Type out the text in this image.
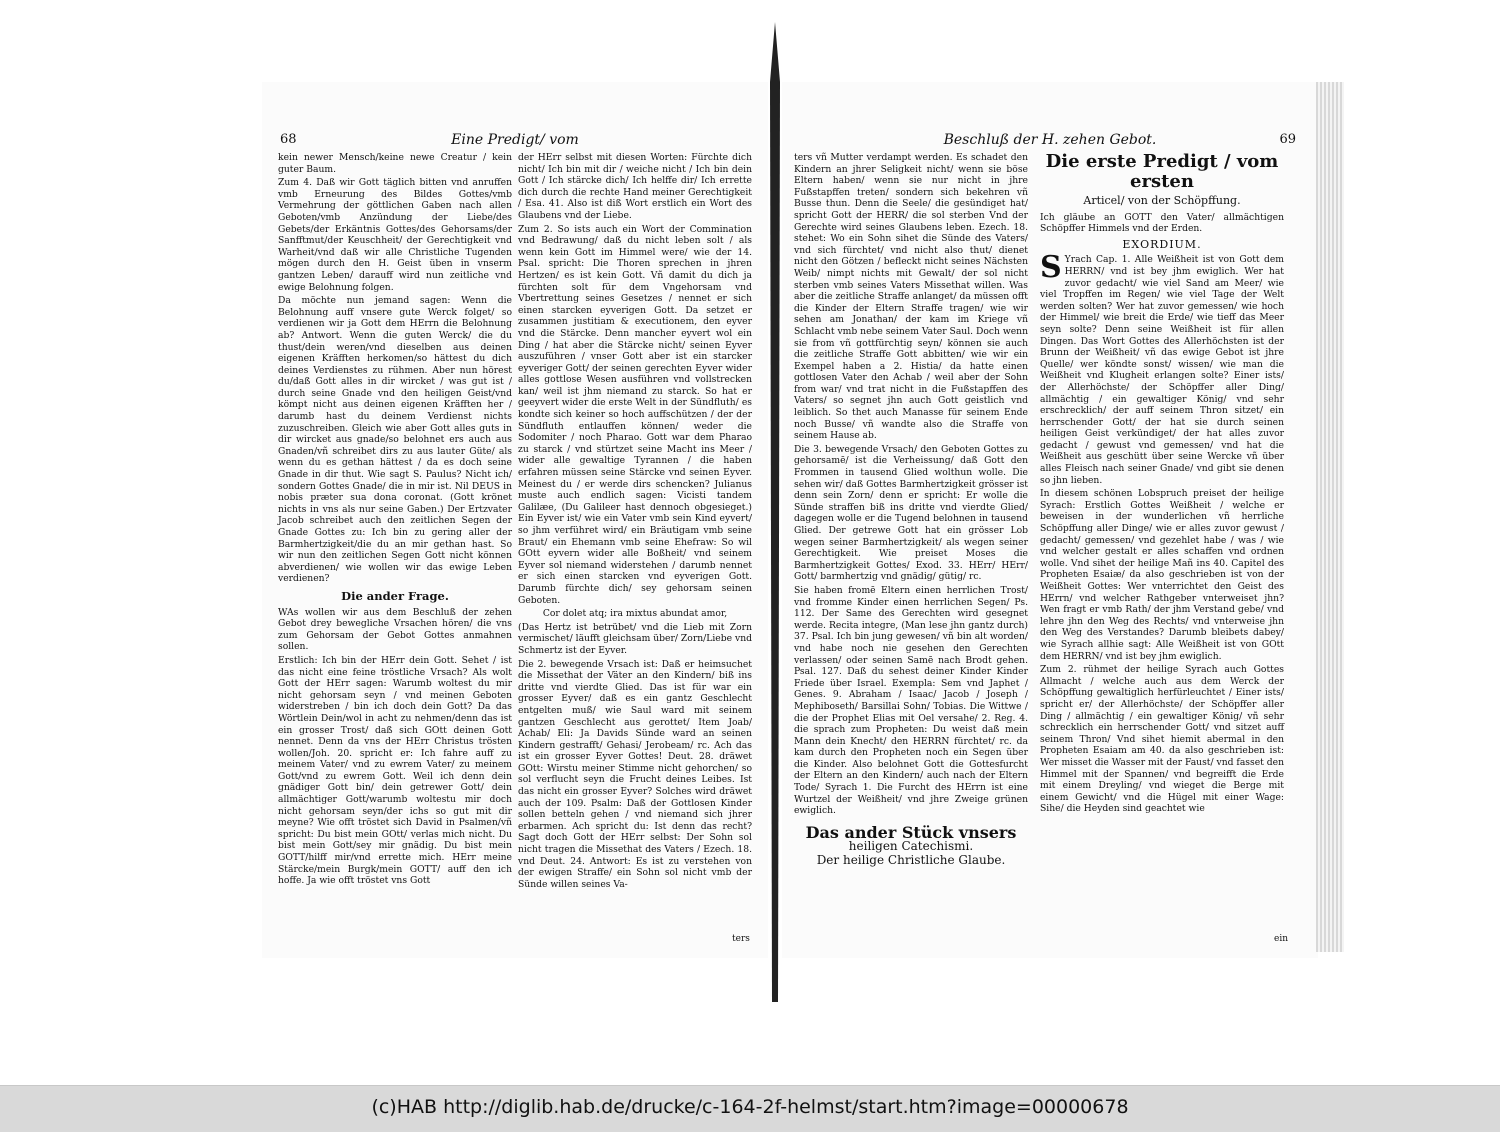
68	Eine Predigt/ vom

kein newer Mensch/keine newe Creatur / kein guter Baum.

Zum 4. Daß wir Gott täglich bitten vnd anruffen vmb Erneurung des Bildes Gottes/vmb Vermehrung der göttlichen Gaben nach allen Geboten/vmb Anzündung der Liebe/des Gebets/der Erkäntnis Gottes/des Gehorsams/der Sanfftmut/der Keuschheit/ der Gerechtigkeit vnd Warheit/vnd daß wir alle Christliche Tugenden mögen durch den H. Geist üben in vnserm gantzen Leben/ darauff wird nun zeitliche vnd ewige Belohnung folgen.

Da möchte nun jemand sagen: Wenn die Belohnung auff vnsere gute Werck folget/ so verdienen wir ja Gott dem HErrn die Belohnung ab? Antwort. Wenn die guten Werck/ die du thust/dein weren/vnd dieselben aus deinen eigenen Kräfften herkomen/so hättest du dich deines Verdienstes zu rühmen. Aber nun hörest du/daß Gott alles in dir wircket / was gut ist / durch seine Gnade vnd den heiligen Geist/vnd kömpt nicht aus deinen eigenen Kräfften her / darumb hast du deinem Verdienst nichts zuzuschreiben. Gleich wie aber Gott alles guts in dir wircket aus gnade/so belohnet ers auch aus Gnaden/vñ schreibet dirs zu aus lauter Güte/ als wenn du es gethan hättest / da es doch seine Gnade in dir thut. Wie sagt S. Paulus? Nicht ich/ sondern Gottes Gnade/ die in mir ist. Nil DEUS in nobis præter sua dona coronat. (Gott krönet nichts in vns als nur seine Gaben.) Der Ertzvater Jacob schreibet auch den zeitlichen Segen der Gnade Gottes zu: Ich bin zu gering aller der Barmhertzigkeit/die du an mir gethan hast. So wir nun den zeitlichen Segen Gott nicht können abverdienen/ wie wollen wir das ewige Leben verdienen?

Die ander Frage.

WAs wollen wir aus dem Beschluß der zehen Gebot drey bewegliche Vrsachen hören/ die vns zum Gehorsam der Gebot Gottes anmahnen sollen.

Erstlich: Ich bin der HErr dein Gott. Sehet / ist das nicht eine feine tröstliche Vrsach? Als wolt Gott der HErr sagen: Warumb woltest du mir nicht gehorsam seyn / vnd meinen Geboten widerstreben / bin ich doch dein Gott? Da das Wörtlein Dein/wol in acht zu nehmen/denn das ist ein grosser Trost/ daß sich GOtt deinen Gott nennet. Denn da vns der HErr Christus trösten wollen/Joh. 20. spricht er: Ich fahre auff zu meinem Vater/ vnd zu ewrem Vater/ zu meinem Gott/vnd zu ewrem Gott. Weil ich denn dein gnädiger Gott bin/ dein getrewer Gott/ dein allmächtiger Gott/warumb woltestu mir doch nicht gehorsam seyn/der ichs so gut mit dir meyne? Wie offt tröstet sich David in Psalmen/vñ spricht: Du bist mein GOtt/ verlas mich nicht. Du bist mein Gott/sey mir gnädig. Du bist mein GOTT/hilff mir/vnd errette mich. HErr meine Stärcke/mein Burgk/mein GOTT/ auff den ich hoffe. Ja wie offt tröstet vns Gott

der HErr selbst mit diesen Worten: Fürchte dich nicht/ Ich bin mit dir / weiche nicht / Ich bin dein Gott / Ich stärcke dich/ Ich helffe dir/ Ich errette dich durch die rechte Hand meiner Gerechtigkeit / Esa. 41. Also ist diß Wort erstlich ein Wort des Glaubens vnd der Liebe.

Zum 2. So ists auch ein Wort der Commination vnd Bedrawung/ daß du nicht leben solt / als wenn kein Gott im Himmel were/ wie der 14. Psal. spricht: Die Thoren sprechen in jhren Hertzen/ es ist kein Gott. Vñ damit du dich ja fürchten solt für dem Vngehorsam vnd Vbertrettung seines Gesetzes / nennet er sich einen starcken eyverigen Gott. Da setzet er zusammen justitiam & executionem, den eyver vnd die Stärcke. Denn mancher eyvert wol ein Ding / hat aber die Stärcke nicht/ seinen Eyver auszuführen / vnser Gott aber ist ein starcker eyveriger Gott/ der seinen gerechten Eyver wider alles gottlose Wesen ausführen vnd vollstrecken kan/ weil ist jhm niemand zu starck. So hat er geeyvert wider die erste Welt in der Sündfluth/ es kondte sich keiner so hoch auffschützen / der der Sündfluth entlauffen können/ weder die Sodomiter / noch Pharao. Gott war dem Pharao zu starck / vnd stürtzet seine Macht ins Meer / wider alle gewaltige Tyrannen / die haben erfahren müssen seine Stärcke vnd seinen Eyver. Meinest du / er werde dirs schencken? Julianus muste auch endlich sagen: Vicisti tandem Galilæe, (Du Galileer hast dennoch obgesieget.) Ein Eyver ist/ wie ein Vater vmb sein Kind eyvert/ so jhm verführet wird/ ein Bräutigam vmb seine Braut/ ein Ehemann vmb seine Ehefraw: So wil GOtt eyvern wider alle Boßheit/ vnd seinem Eyver sol niemand widerstehen / darumb nennet er sich einen starcken vnd eyverigen Gott. Darumb fürchte dich/ sey gehorsam seinen Geboten.

Cor dolet atq; ira mixtus abundat amor,

(Das Hertz ist betrübet/ vnd die Lieb mit Zorn vermischet/ läufft gleichsam über/ Zorn/Liebe vnd Schmertz ist der Eyver.

Die 2. bewegende Vrsach ist: Daß er heimsuchet die Missethat der Väter an den Kindern/ biß ins dritte vnd vierdte Glied. Das ist für war ein grosser Eyver/ daß es ein gantz Geschlecht entgelten muß/ wie Saul ward mit seinem gantzen Geschlecht aus gerottet/ Item Joab/ Achab/ Eli: Ja Davids Sünde ward an seinen Kindern gestrafft/ Gehasi/ Jerobeam/ rc. Ach das ist ein grosser Eyver Gottes! Deut. 28. dräwet GOtt: Wirstu meiner Stimme nicht gehorchen/ so sol verflucht seyn die Frucht deines Leibes. Ist das nicht ein grosser Eyver? Solches wird dräwet auch der 109. Psalm: Daß der Gottlosen Kinder sollen betteln gehen / vnd niemand sich jhrer erbarmen. Ach spricht du: Ist denn das recht? Sagt doch Gott der HErr selbst: Der Sohn sol nicht tragen die Missethat des Vaters / Ezech. 18. vnd Deut. 24. Antwort: Es ist zu verstehen von der ewigen Straffe/ ein Sohn sol nicht vmb der Sünde willen seines Va-

ters
Beschluß der H. zehen Gebot.	69

ters vñ Mutter verdampt werden. Es schadet den Kindern an jhrer Seligkeit nicht/ wenn sie böse Eltern haben/ wenn sie nur nicht in jhre Fußstapffen treten/ sondern sich bekehren vñ Busse thun. Denn die Seele/ die gesündiget hat/ spricht Gott der HERR/ die sol sterben Vnd der Gerechte wird seines Glaubens leben. Ezech. 18. stehet: Wo ein Sohn sihet die Sünde des Vaters/ vnd sich fürchtet/ vnd nicht also thut/ dienet nicht den Götzen / befleckt nicht seines Nächsten Weib/ nimpt nichts mit Gewalt/ der sol nicht sterben vmb seines Vaters Missethat willen. Was aber die zeitliche Straffe anlanget/ da müssen offt die Kinder der Eltern Straffe tragen/ wie wir sehen am Jonathan/ der kam im Kriege vñ Schlacht vmb nebe seinem Vater Saul. Doch wenn sie from vñ gottfürchtig seyn/ können sie auch die zeitliche Straffe Gott abbitten/ wie wir ein Exempel haben a 2. Histia/ da hatte einen gottlosen Vater den Achab / weil aber der Sohn from war/ vnd trat nicht in die Fußstapffen des Vaters/ so segnet jhn auch Gott geistlich vnd leiblich. So thet auch Manasse für seinem Ende noch Busse/ vñ wandte also die Straffe von seinem Hause ab.

Die 3. bewegende Vrsach/ den Geboten Gottes zu gehorsamē/ ist die Verheissung/ daß Gott den Frommen in tausend Glied wolthun wolle. Die sehen wir/ daß Gottes Barmhertzigkeit grösser ist denn sein Zorn/ denn er spricht: Er wolle die Sünde straffen biß ins dritte vnd vierdte Glied/ dagegen wolle er die Tugend belohnen in tausend Glied. Der getrewe Gott hat ein grösser Lob wegen seiner Barmhertzigkeit/ als wegen seiner Gerechtigkeit. Wie preiset Moses die Barmhertzigkeit Gottes/ Exod. 33. HErr/ HErr/ Gott/ barmhertzig vnd gnädig/ gütig/ rc.

Sie haben fromē Eltern einen herrlichen Trost/ vnd fromme Kinder einen herrlichen Segen/ Ps. 112. Der Same des Gerechten wird gesegnet werde. Recita integre, (Man lese jhn gantz durch) 37. Psal. Ich bin jung gewesen/ vñ bin alt worden/ vnd habe noch nie gesehen den Gerechten verlassen/ oder seinen Samē nach Brodt gehen. Psal. 127. Daß du sehest deiner Kinder Kinder Friede über Israel. Exempla: Sem vnd Japhet / Genes. 9. Abraham / Isaac/ Jacob / Joseph / Mephiboseth/ Barsillai Sohn/ Tobias. Die Wittwe / die der Prophet Elias mit Oel versahe/ 2. Reg. 4. die sprach zum Propheten: Du weist daß mein Mann dein Knecht/ den HERRN fürchtet/ rc. da kam durch den Propheten noch ein Segen über die Kinder. Also belohnet Gott die Gottesfurcht der Eltern an den Kindern/ auch nach der Eltern Tode/ Syrach 1. Die Furcht des HErrn ist eine Wurtzel der Weißheit/ vnd jhre Zweige grünen ewiglich.

Das ander Stück vnsers
heiligen Catechismi.
Der heilige Christliche Glaube.
Die erste Predigt / vom ersten
Articel/ von der Schöpffung.

Ich gläube an GOTT den Vater/ allmächtigen Schöpffer Himmels vnd der Erden.

EXORDIUM.

S Yrach Cap. 1. Alle Weißheit ist von Gott dem HERRN/ vnd ist bey jhm ewiglich. Wer hat zuvor gedacht/ wie viel Sand am Meer/ wie viel Tropffen im Regen/ wie viel Tage der Welt werden solten? Wer hat zuvor gemessen/ wie hoch der Himmel/ wie breit die Erde/ wie tieff das Meer seyn solte? Denn seine Weißheit ist für allen Dingen. Das Wort Gottes des Allerhöchsten ist der Brunn der Weißheit/ vñ das ewige Gebot ist jhre Quelle/ wer köndte sonst/ wissen/ wie man die Weißheit vnd Klugheit erlangen solte? Einer ists/ der Allerhöchste/ der Schöpffer aller Ding/ allmächtig / ein gewaltiger König/ vnd sehr erschrecklich/ der auff seinem Thron sitzet/ ein herrschender Gott/ der hat sie durch seinen heiligen Geist verkündiget/ der hat alles zuvor gedacht / gewust vnd gemessen/ vnd hat die Weißheit aus geschütt über seine Wercke vñ über alles Fleisch nach seiner Gnade/ vnd gibt sie denen so jhn lieben.

In diesem schönen Lobspruch preiset der heilige Syrach: Erstlich Gottes Weißheit / welche er beweisen in der wunderlichen vñ herrliche Schöpffung aller Dinge/ wie er alles zuvor gewust / gedacht/ gemessen/ vnd gezehlet habe / was / wie vnd welcher gestalt er alles schaffen vnd ordnen wolle. Vnd sihet der heilige Mañ ins 40. Capitel des Propheten Esaiæ/ da also geschrieben ist von der Weißheit Gottes: Wer vnterrichtet den Geist des HErrn/ vnd welcher Rathgeber vnterweiset jhn? Wen fragt er vmb Rath/ der jhm Verstand gebe/ vnd lehre jhn den Weg des Rechts/ vnd vnterweise jhn den Weg des Verstandes? Darumb bleibets dabey/ wie Syrach allhie sagt: Alle Weißheit ist von GOtt dem HERRN/ vnd ist bey jhm ewiglich.

Zum 2. rühmet der heilige Syrach auch Gottes Allmacht / welche auch aus dem Werck der Schöpffung gewaltiglich herfürleuchtet / Einer ists/ spricht er/ der Allerhöchste/ der Schöpffer aller Ding / allmächtig / ein gewaltiger König/ vñ sehr schrecklich ein herrschender Gott/ vnd sitzet auff seinem Thron/ Vnd sihet hiemit abermal in den Propheten Esaiam am 40. da also geschrieben ist: Wer misset die Wasser mit der Faust/ vnd fasset den Himmel mit der Spannen/ vnd begreifft die Erde mit einem Dreyling/ vnd wieget die Berge mit einem Gewicht/ vnd die Hügel mit einer Wage: Sihe/ die Heyden sind geachtet wie

ein
(c)HAB http://diglib.hab.de/drucke/c-164-2f-helmst/start.htm?image=00000678
